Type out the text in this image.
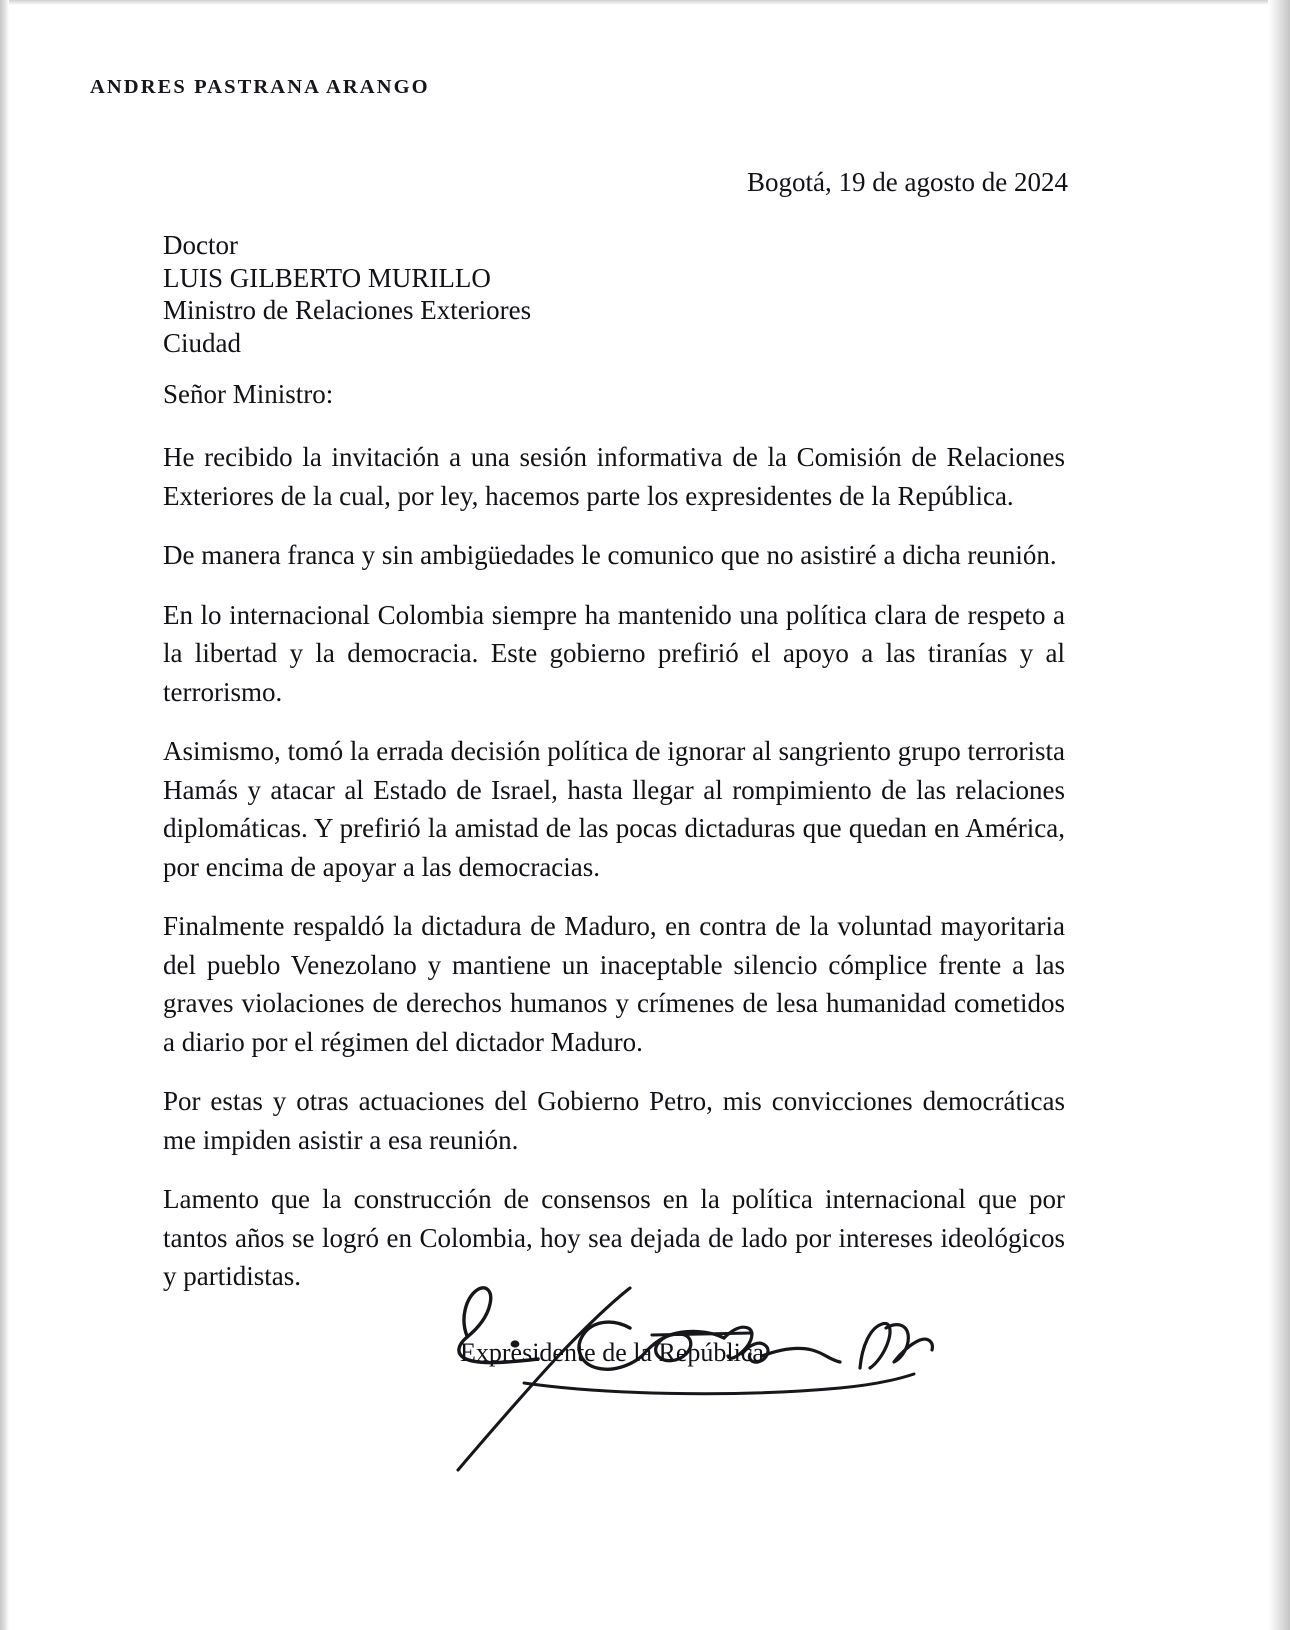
ANDRES PASTRANA ARANGO
Bogotá, 19 de agosto de 2024
Doctor
LUIS GILBERTO MURILLO
Ministro de Relaciones Exteriores
Ciudad
Señor Ministro:

He recibido la invitación a una sesión informativa de la Comisión de Relaciones Exteriores de la cual, por ley, hacemos parte los expresidentes de la República.

De manera franca y sin ambigüedades le comunico que no asistiré a dicha reunión.

En lo internacional Colombia siempre ha mantenido una política clara de respeto a la libertad y la democracia. Este gobierno prefirió el apoyo a las tiranías y al terrorismo.

Asimismo, tomó la errada decisión política de ignorar al sangriento grupo terrorista Hamás y atacar al Estado de Israel, hasta llegar al rompimiento de las relaciones diplomáticas. Y prefirió la amistad de las pocas dictaduras que quedan en América, por encima de apoyar a las democracias.

Finalmente respaldó la dictadura de Maduro, en contra de la voluntad mayoritaria del pueblo Venezolano y mantiene un inaceptable silencio cómplice frente a las graves violaciones de derechos humanos y crímenes de lesa humanidad cometidos a diario por el régimen del dictador Maduro.

Por estas y otras actuaciones del Gobierno Petro, mis convicciones democráticas me impiden asistir a esa reunión.

Lamento que la construcción de consensos en la política internacional que por tantos años se logró en Colombia, hoy sea dejada de lado por intereses ideológicos y partidistas.

Expresidente de la República
